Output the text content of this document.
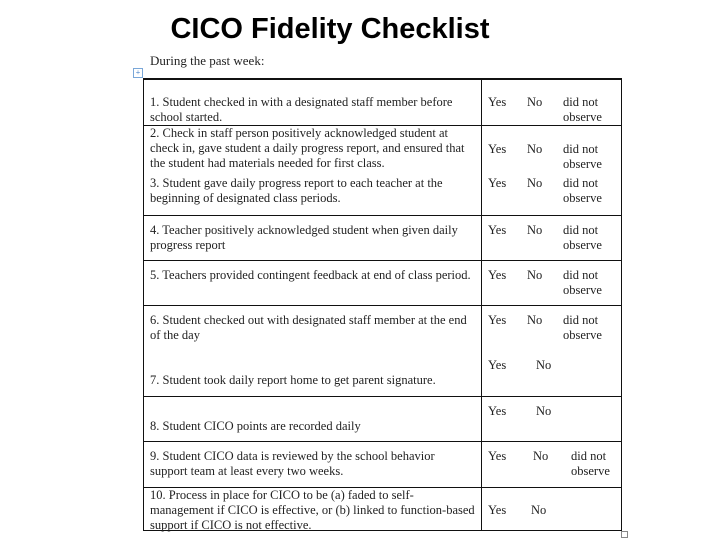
CICO Fidelity Checklist
During the past week:
+
1. Student checked in with a designated staff member before school started.
Yes No did not observe
2. Check in staff person positively acknowledged student at check in, gave student a daily progress report, and ensured that the student had materials needed for first class.
Yes No did not observe
3. Student gave daily progress report to each teacher at the beginning of designated class periods.
Yes No did not observe
4. Teacher positively acknowledged student when given daily progress report
Yes No did not observe
5. Teachers provided contingent feedback at end of class period.	Yes No did not observe
6. Student checked out with designated staff member at the end of the day
Yes No did not observe
7. Student took daily report home to get parent signature.
Yes No
8. Student CICO points are recorded daily
Yes No
9. Student CICO data is reviewed by the school behavior support team at least every two weeks.
Yes No did not observe
10. Process in place for CICO to be (a) faded to self-management if CICO is effective, or (b) linked to function-based support if CICO is not effective.
Yes No
